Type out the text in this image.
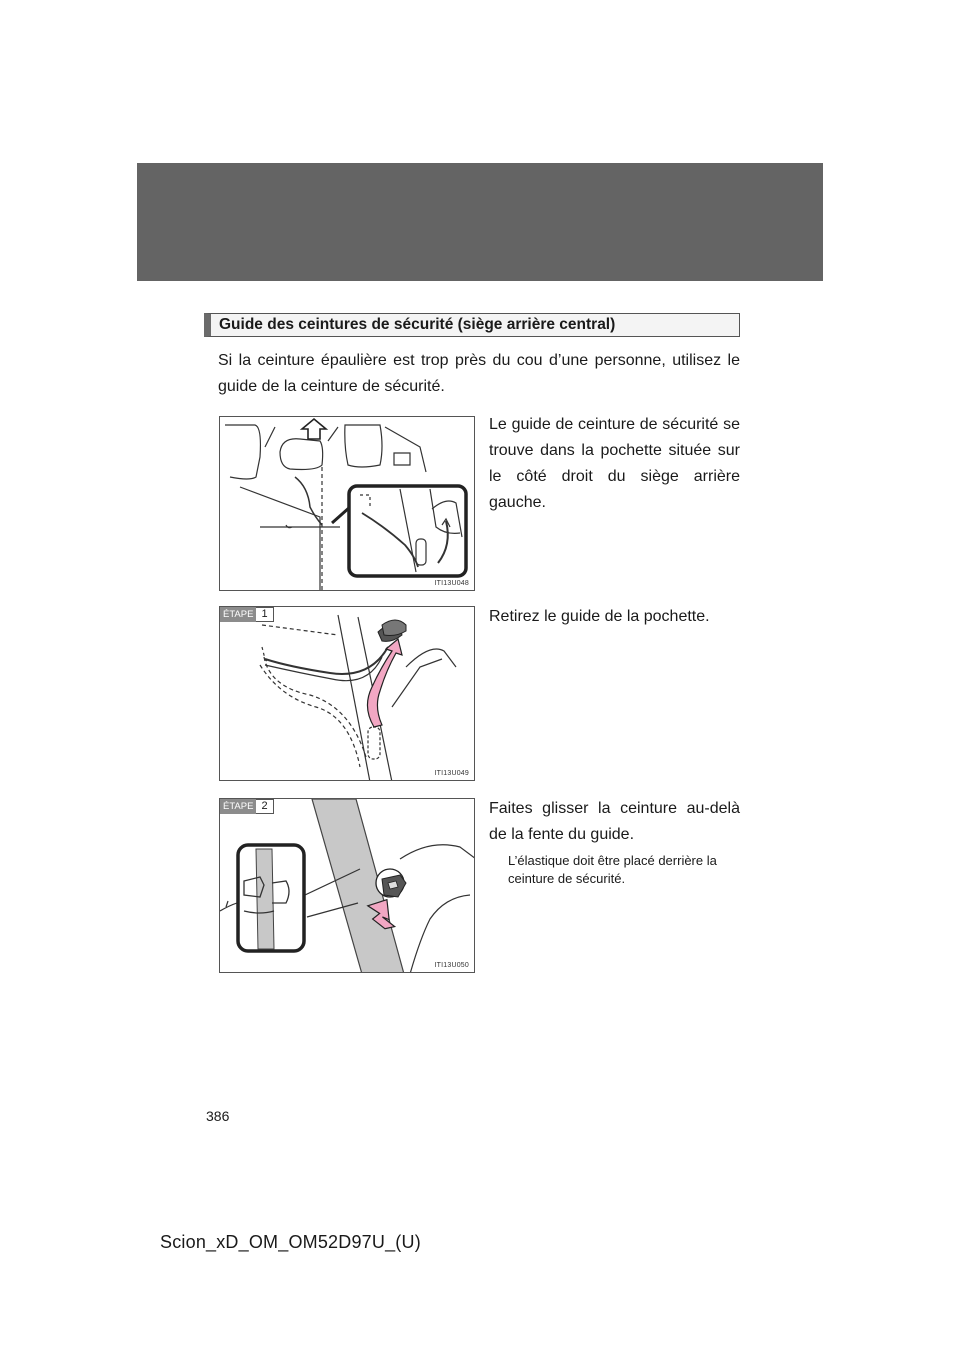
Guide des ceintures de sécurité (siège arrière central)

Si la ceinture épaulière est trop près du cou d’une personne, utilisez le guide de la ceinture de sécurité.

ITI13U048

Le guide de ceinture de sécurité se trouve dans la pochette située sur le côté droit du siège arrière gauche.

ÉTAPE 1
ITI13U049

Retirez le guide de la pochette.

ÉTAPE 2
ITI13U050

Faites glisser la ceinture au-delà de la fente du guide.

L’élastique doit être placé derrière la ceinture de sécurité.

386
Scion_xD_OM_OM52D97U_(U)
